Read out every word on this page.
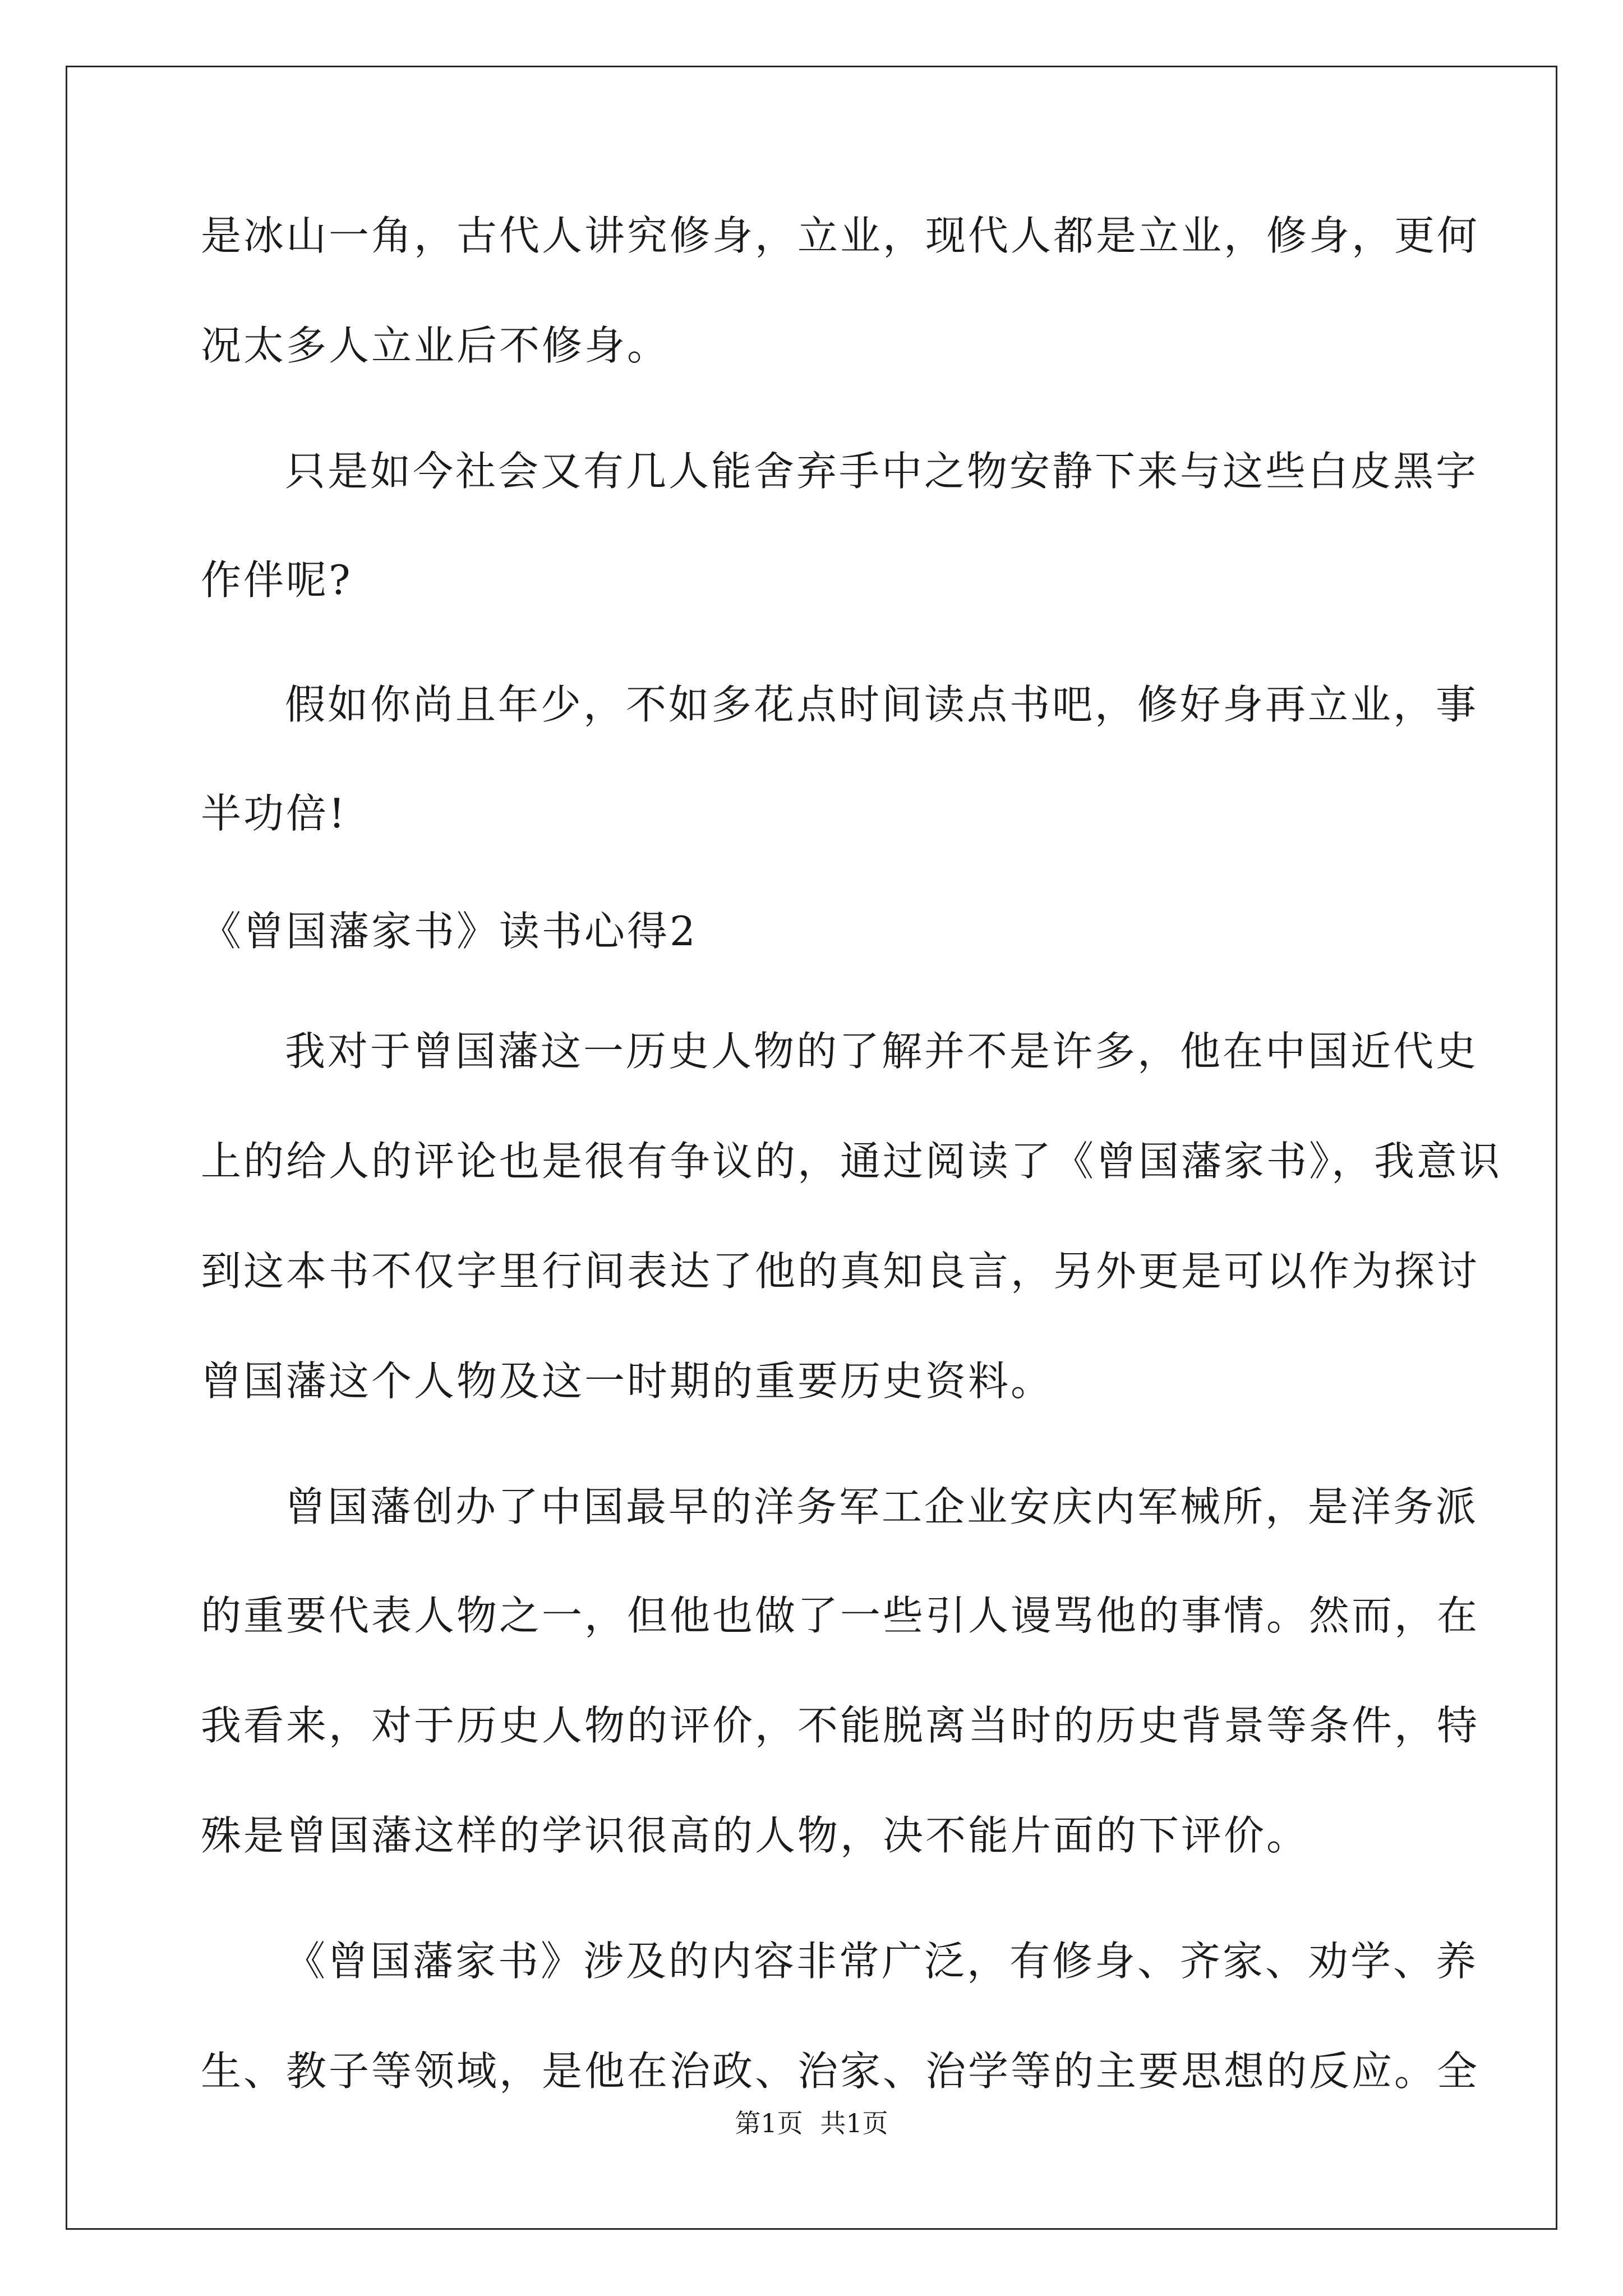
是冰山一角，古代人讲究修身，立业，现代人都是立业，修身，更何
况太多人立业后不修身。
只是如今社会又有几人能舍弃手中之物安静下来与这些白皮黑字
作伴呢?
假如你尚且年少，不如多花点时间读点书吧，修好身再立业，事
半功倍!
《曾国藩家书》读书心得2
我对于曾国藩这一历史人物的了解并不是许多，他在中国近代史
上的给人的评论也是很有争议的，通过阅读了《曾国藩家书》，我意识
到这本书不仅字里行间表达了他的真知良言，另外更是可以作为探讨
曾国藩这个人物及这一时期的重要历史资料。
曾国藩创办了中国最早的洋务军工企业安庆内军械所，是洋务派
的重要代表人物之一，但他也做了一些引人谩骂他的事情。然而，在
我看来，对于历史人物的评价，不能脱离当时的历史背景等条件，特
殊是曾国藩这样的学识很高的人物，决不能片面的下评价。
《曾国藩家书》涉及的内容非常广泛，有修身、齐家、劝学、养
生、教子等领域，是他在治政、治家、治学等的主要思想的反应。全
第1页 共1页
